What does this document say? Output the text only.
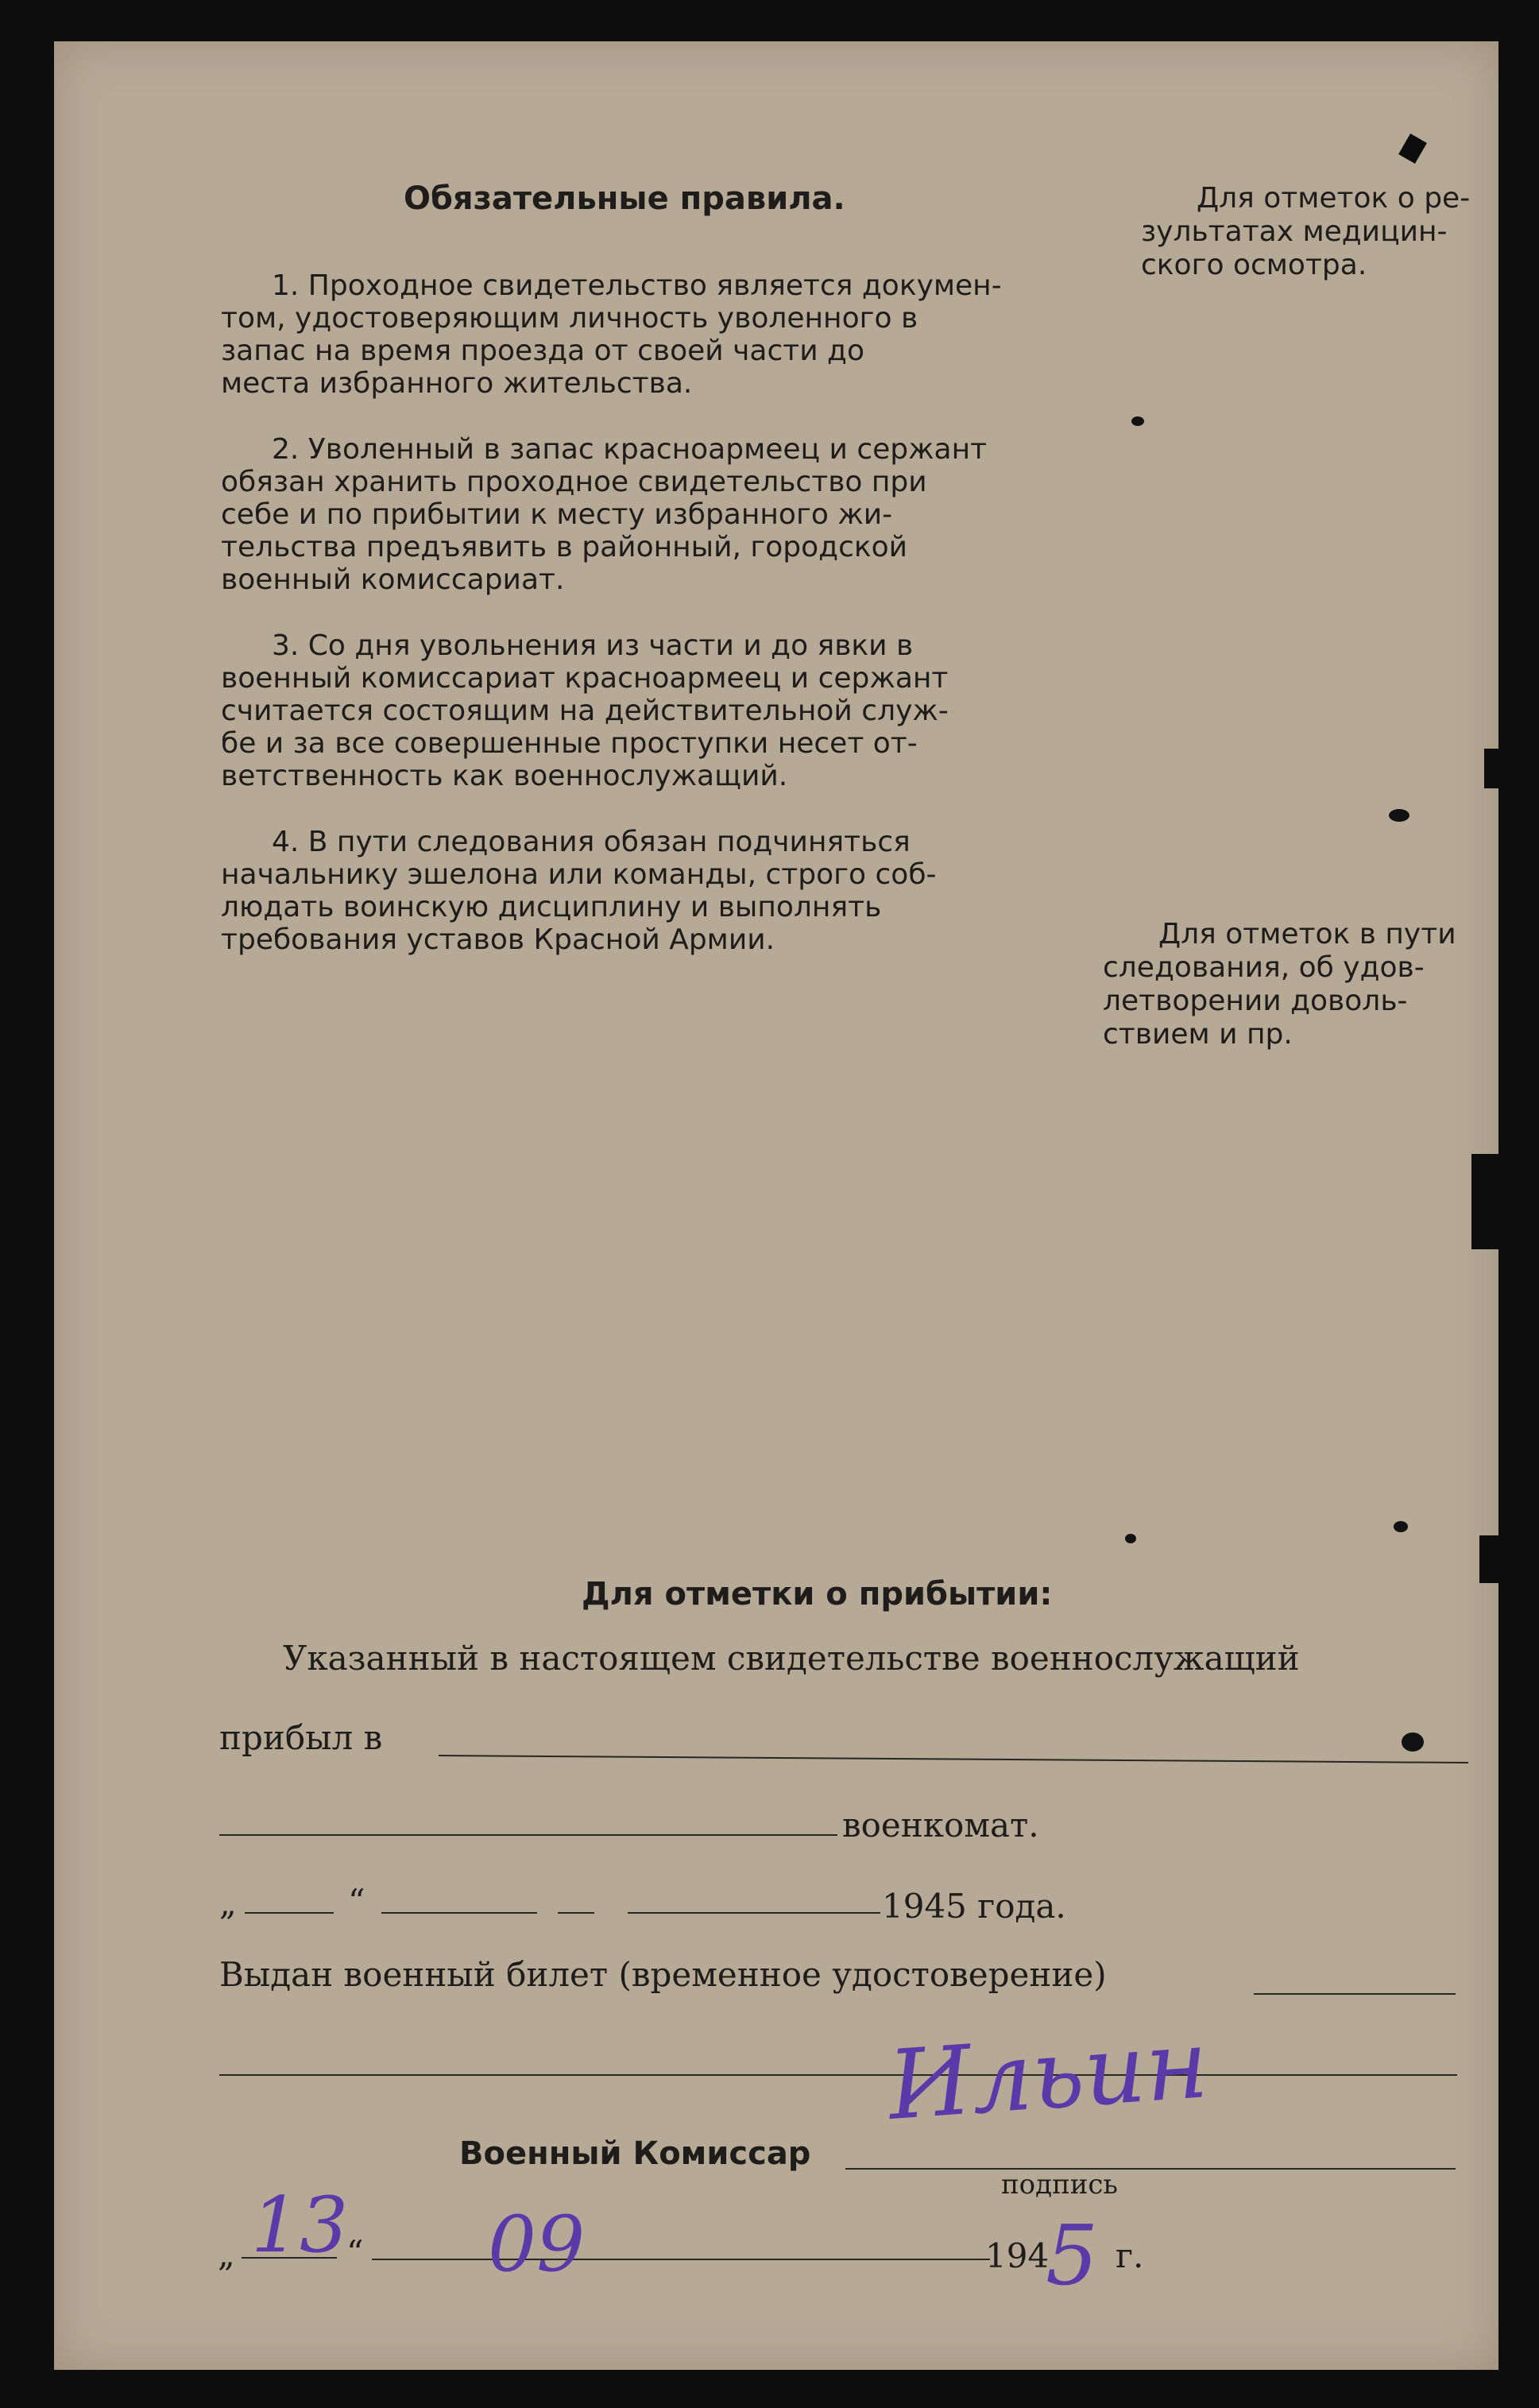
Обязательные правила.
1. Проходное свидетельство является докумен-
том, удостоверяющим личность уволенного в
запас на время проезда от своей части до
места избранного жительства.
2. Уволенный в запас красноармеец и сержант
обязан хранить проходное свидетельство при
себе и по прибытии к месту избранного жи-
тельства предъявить в районный, городской
военный комиссариат.
3. Со дня увольнения из части и до явки в
военный комиссариат красноармеец и сержант
считается состоящим на действительной служ-
бе и за все совершенные проступки несет от-
ветственность как военнослужащий.
4. В пути следования обязан подчиняться
начальнику эшелона или команды, строго соб-
людать воинскую дисциплину и выполнять
требования уставов Красной Армии.
Для отметок о ре-
зультатах медицин-
ского осмотра.
Для отметок в пути
следования, об удов-
летворении доволь-
ствием и пр.
Для отметки о прибытии:
Указанный в настоящем свидетельстве военнослужащий
прибыл в
военкомат.
„	“	1945 года.
Выдан военный билет (временное удостоверение)
Военный Комиссар
подпись
Ильин
„ 13
“ 09	194
5 г.
